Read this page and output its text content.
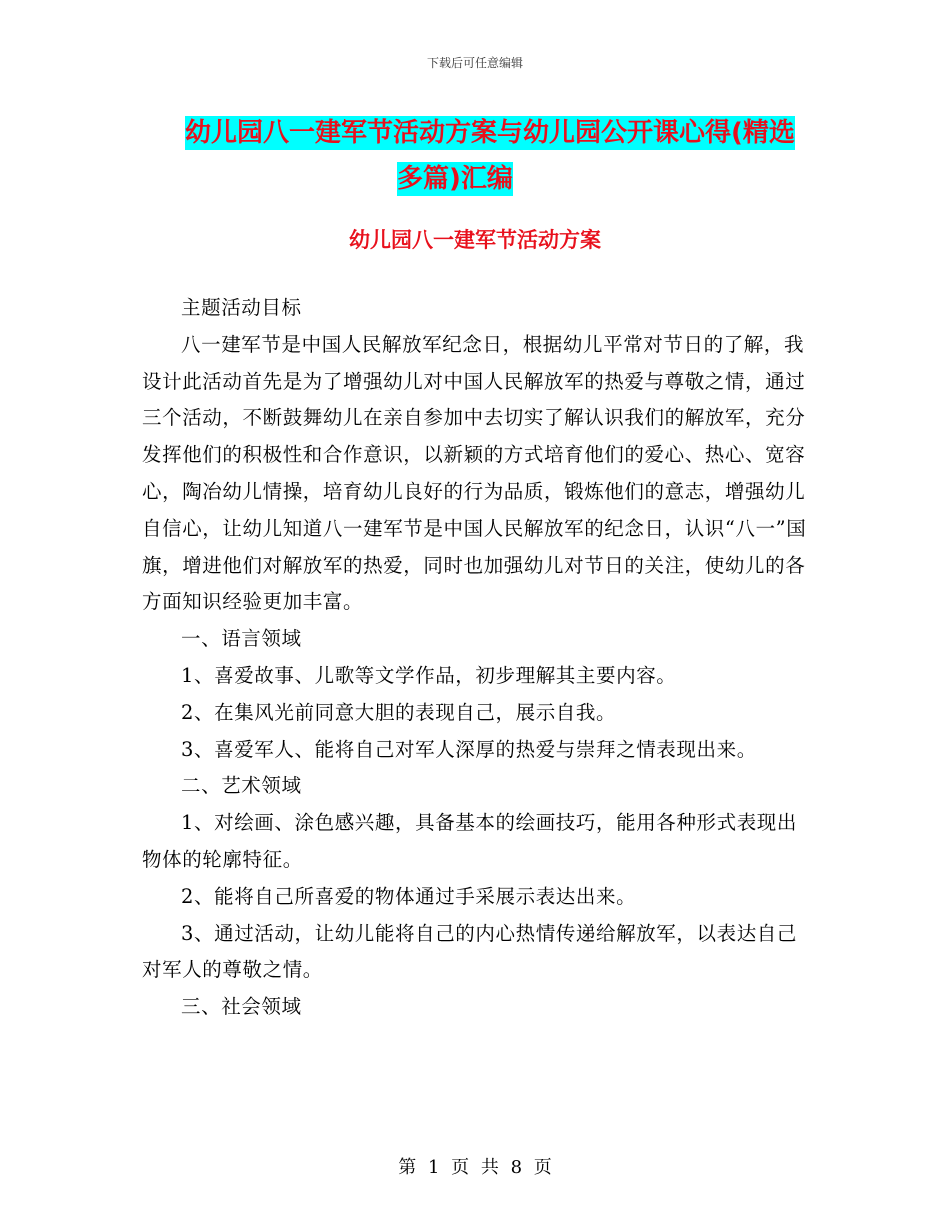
下载后可任意编辑
幼儿园八一建军节活动方案与幼儿园公开课心得(精选
多篇)汇编
幼儿园八一建军节活动方案

主题活动目标

八一建军节是中国人民解放军纪念日，根据幼儿平常对节日的了解，我设计此活动首先是为了增强幼儿对中国人民解放军的热爱与尊敬之情，通过三个活动，不断鼓舞幼儿在亲自参加中去切实了解认识我们的解放军，充分发挥他们的积极性和合作意识，以新颖的方式培育他们的爱心、热心、宽容心，陶冶幼儿情操，培育幼儿良好的行为品质，锻炼他们的意志，增强幼儿自信心，让幼儿知道八一建军节是中国人民解放军的纪念日，认识“八一”国旗，增进他们对解放军的热爱，同时也加强幼儿对节日的关注，使幼儿的各方面知识经验更加丰富。

一、语言领域

1、喜爱故事、儿歌等文学作品，初步理解其主要内容。

2、在集风光前同意大胆的表现自己，展示自我。

3、喜爱军人、能将自己对军人深厚的热爱与崇拜之情表现出来。

二、艺术领域

1、对绘画、涂色感兴趣，具备基本的绘画技巧，能用各种形式表现出物体的轮廓特征。

2、能将自己所喜爱的物体通过手采展示表达出来。

3、通过活动，让幼儿能将自己的内心热情传递给解放军，以表达自己对军人的尊敬之情。

三、社会领域

第 1 页 共 8 页
